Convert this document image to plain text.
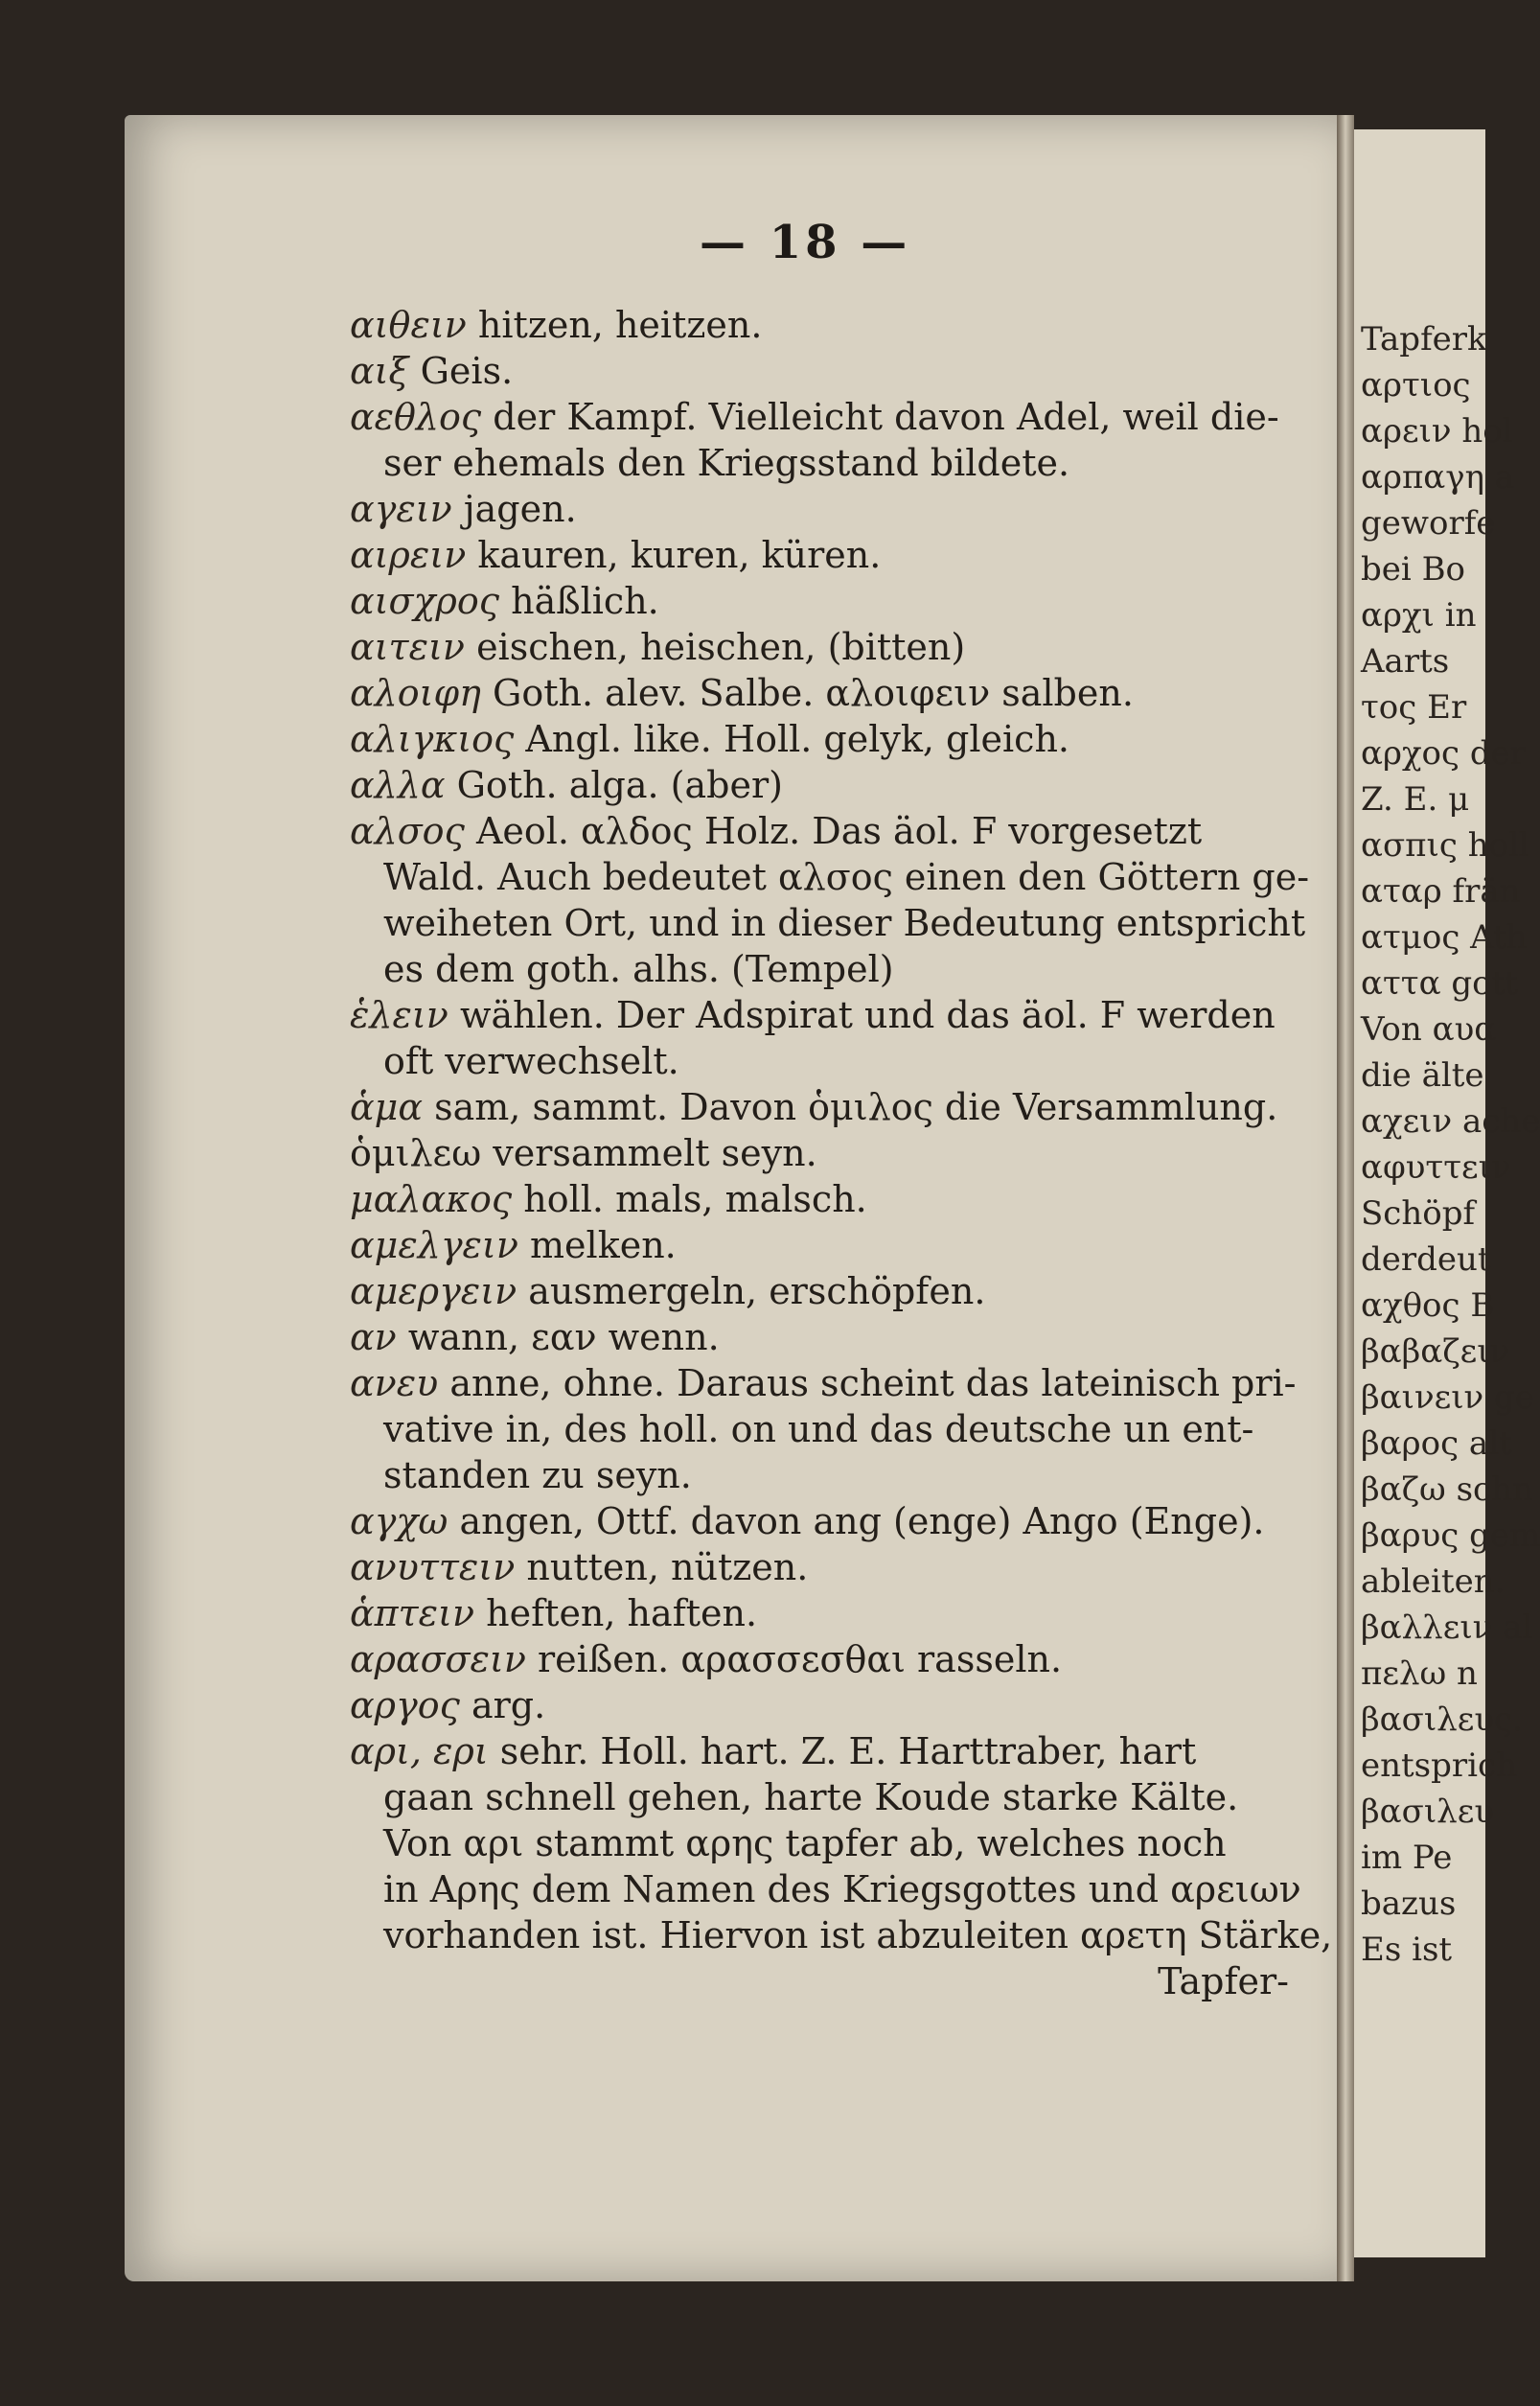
— 18 —
αιθειν hitzen, heitzen.
αιξ Geis.
αεθλος der Kampf. Vielleicht davon Adel, weil die-
ser ehemals den Kriegsstand bildete.
αγειν jagen.
αιρειν kauren, kuren, küren.
αισχρος häßlich.
αιτειν eischen, heischen, (bitten)
αλοιφη Goth. alev. Salbe. αλοιφειν salben.
αλιγκιος Angl. like. Holl. gelyk, gleich.
αλλα Goth. alga. (aber)
αλσος Aeol. αλδος Holz. Das äol. F vorgesetzt
Wald. Auch bedeutet αλσος einen den Göttern ge-
weiheten Ort, und in dieser Bedeutung entspricht
es dem goth. alhs. (Tempel)
ἑλειν wählen. Der Adspirat und das äol. F werden
oft verwechselt.
ἁμα sam, sammt. Davon ὁμιλος die Versammlung.
ὁμιλεω versammelt seyn.
μαλακος holl. mals, malsch.
αμελγειν melken.
αμεργειν ausmergeln, erschöpfen.
αν wann, εαν wenn.
ανευ anne, ohne. Daraus scheint das lateinisch pri-
vative in, des holl. on und das deutsche un ent-
standen zu seyn.
αγχω angen, Ottf. davon ang (enge) Ango (Enge).
ανυττειν nutten, nützen.
ἁπτειν heften, haften.
αρασσειν reißen. αρασσεσθαι rasseln.
αργος arg.
αρι, ερι sehr. Holl. hart. Z. E. Harttraber, hart
gaan schnell gehen, harte Koude starke Kälte.
Von αρι stammt αρης tapfer ab, welches noch
in Αρης dem Namen des Kriegsgottes und αρειων
vorhanden ist. Hiervon ist abzuleiten αρετη Stärke,
Tapfer-
Tapferk
αρτιος
αρειν hol
αρπαγη a
geworfe
bei Bo
αρχι in
Aarts
τος Er
αρχος der
Z. E. μ
ασπις holl
αταρ frän
ατμος Ath
αττα gott
Von αυα
die älte
αχειν ache
αφυττειν
Schöpf
derdeut
αχθος B
βαβαζειν
βαινειν ge
βαρος alt
βαζω schn
βαρυς gem
ableiten.
βαλλειν al
πελω n
βασιλευς.
entsprich
βασιλευ
im Pe
bazus
Es ist
